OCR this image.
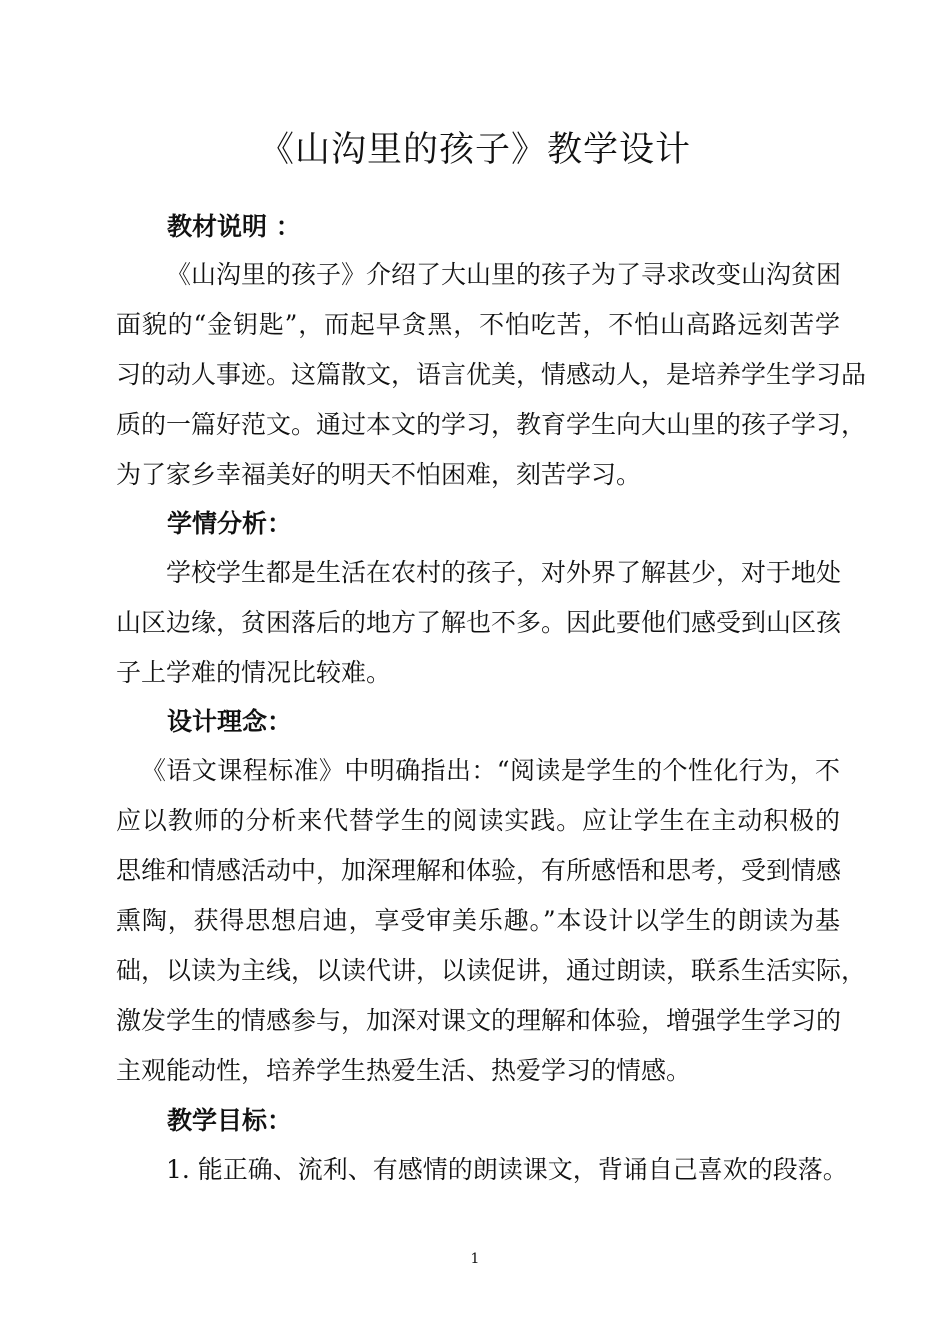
《山沟里的孩子》教学设计
教材说明 ：

《山沟里的孩子》介绍了大山里的孩子为了寻求改变山沟贫困

面貌的“金钥匙”，而起早贪黑，不怕吃苦，不怕山高路远刻苦学

习的动人事迹。这篇散文，语言优美，情感动人，是培养学生学习品

质的一篇好范文。通过本文的学习，教育学生向大山里的孩子学习，

为了家乡幸福美好的明天不怕困难，刻苦学习。

学情分析：

学校学生都是生活在农村的孩子，对外界了解甚少，对于地处

山区边缘，贫困落后的地方了解也不多。因此要他们感受到山区孩

子上学难的情况比较难。

设计理念：

《语文课程标准》中明确指出：“阅读是学生的个性化行为，不

应以教师的分析来代替学生的阅读实践。应让学生在主动积极的

思维和情感活动中，加深理解和体验，有所感悟和思考，受到情感

熏陶，获得思想启迪，享受审美乐趣。”本设计以学生的朗读为基

础，以读为主线，以读代讲，以读促讲，通过朗读，联系生活实际，

激发学生的情感参与，加深对课文的理解和体验，增强学生学习的

主观能动性，培养学生热爱生活、热爱学习的情感。

教学目标：

1. 能正确、流利、有感情的朗读课文，背诵自己喜欢的段落。

1
